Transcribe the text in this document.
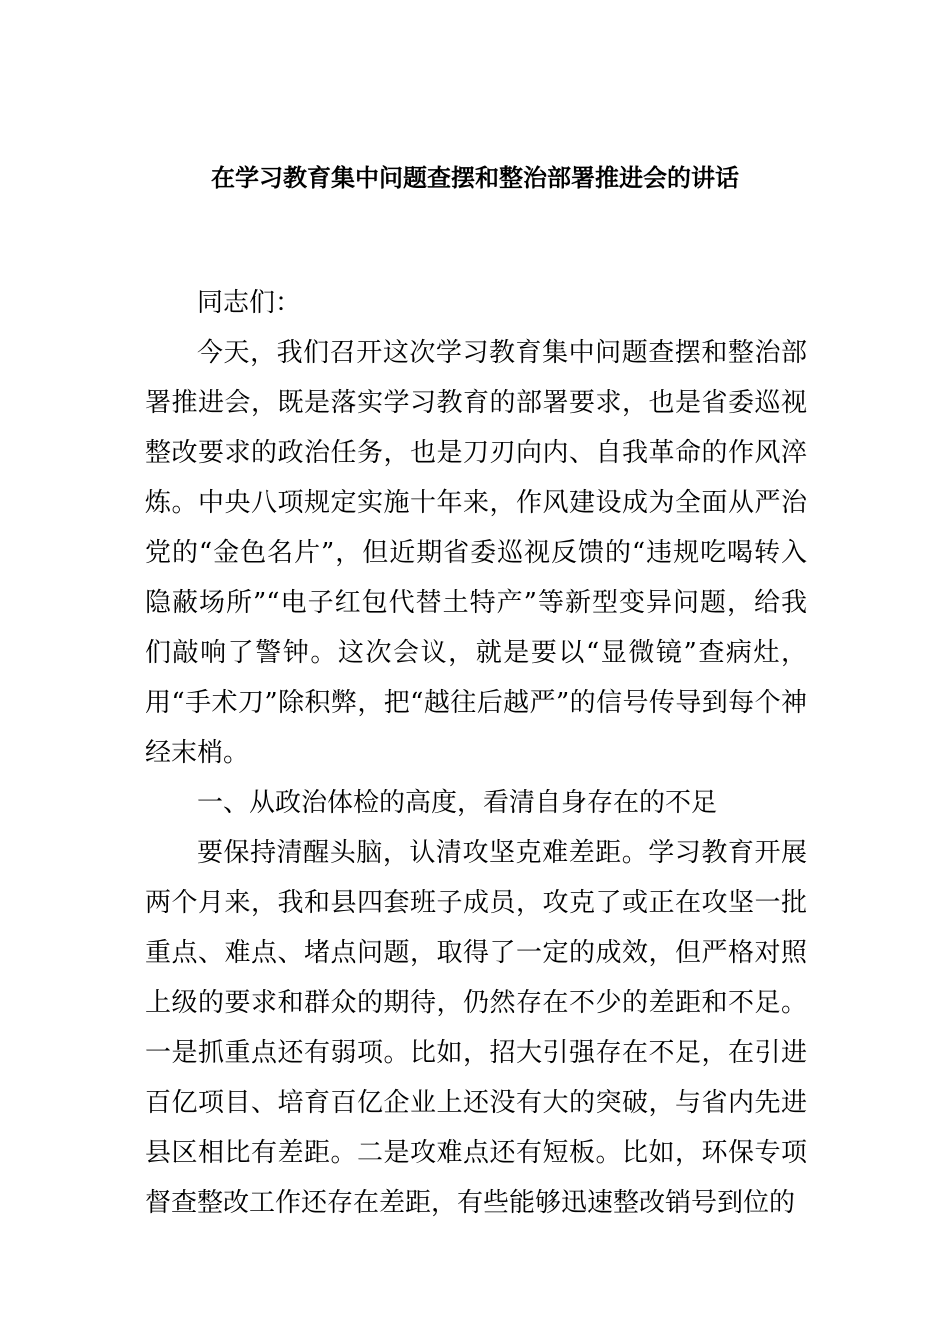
在学习教育集中问题查摆和整治部署推进会的讲话

同志们：

今天，我们召开这次学习教育集中问题查摆和整治部署推进会，既是落实学习教育的部署要求，也是省委巡视整改要求的政治任务，也是刀刃向内、自我革命的作风淬炼。中央八项规定实施十年来，作风建设成为全面从严治党的“金色名片”，但近期省委巡视反馈的“违规吃喝转入隐蔽场所”“电子红包代替土特产”等新型变异问题，给我们敲响了警钟。这次会议，就是要以“显微镜”查病灶，用“手术刀”除积弊，把“越往后越严”的信号传导到每个神经末梢。

一、从政治体检的高度，看清自身存在的不足

要保持清醒头脑，认清攻坚克难差距。学习教育开展两个月来，我和县四套班子成员，攻克了或正在攻坚一批重点、难点、堵点问题，取得了一定的成效，但严格对照上级的要求和群众的期待，仍然存在不少的差距和不足。一是抓重点还有弱项。比如，招大引强存在不足，在引进百亿项目、培育百亿企业上还没有大的突破，与省内先进县区相比有差距。二是攻难点还有短板。比如，环保专项督查整改工作还存在差距，有些能够迅速整改销号到位的
